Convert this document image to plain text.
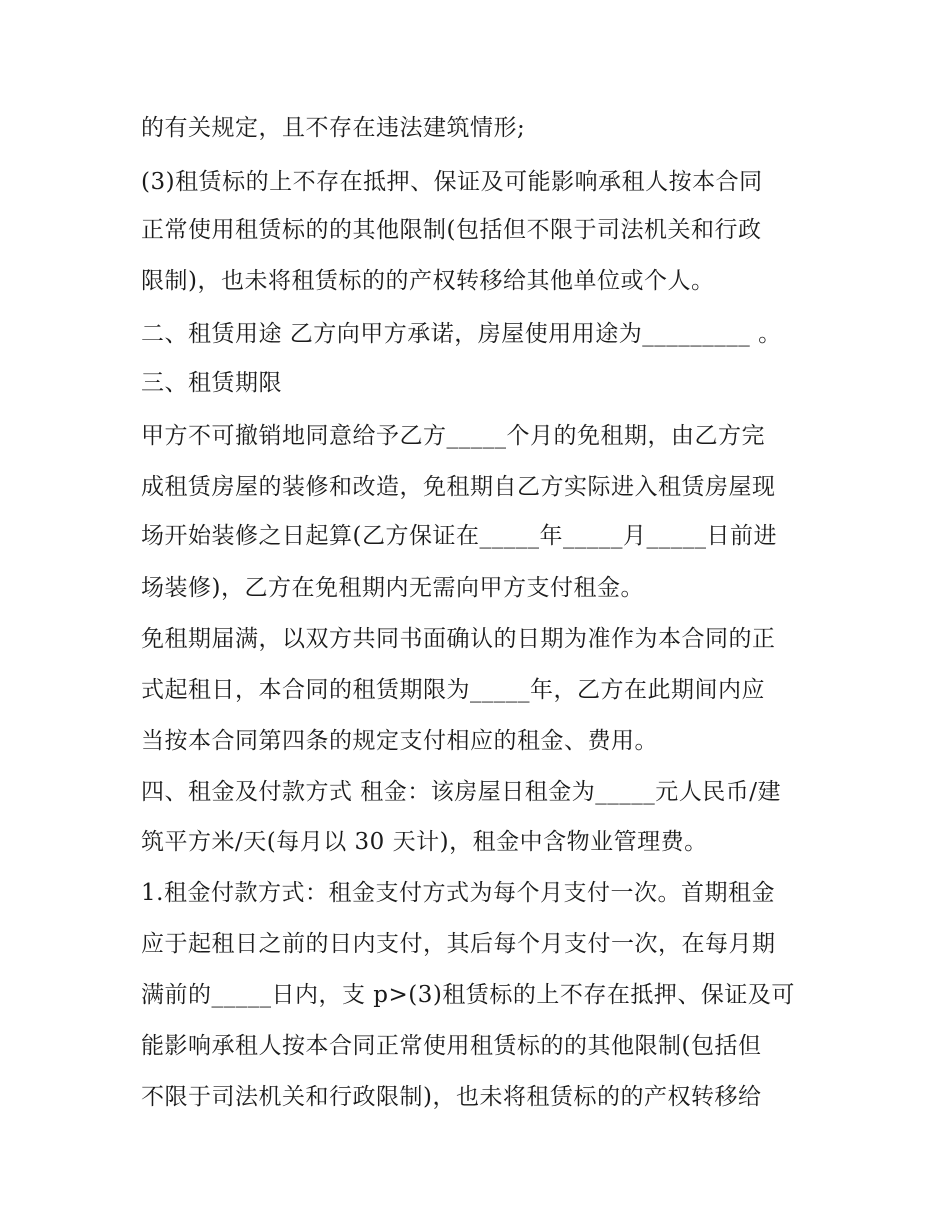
的有关规定，且不存在违法建筑情形;
(3)租赁标的上不存在抵押、保证及可能影响承租人按本合同
正常使用租赁标的的其他限制(包括但不限于司法机关和行政
限制)，也未将租赁标的的产权转移给其他单位或个人。
二、租赁用途 乙方向甲方承诺，房屋使用用途为_________ 。
三、租赁期限
甲方不可撤销地同意给予乙方_____个月的免租期，由乙方完
成租赁房屋的装修和改造，免租期自乙方实际进入租赁房屋现
场开始装修之日起算(乙方保证在_____年_____月_____日前进
场装修)，乙方在免租期内无需向甲方支付租金。
免租期届满，以双方共同书面确认的日期为准作为本合同的正
式起租日，本合同的租赁期限为_____年，乙方在此期间内应
当按本合同第四条的规定支付相应的租金、费用。
四、租金及付款方式 租金：该房屋日租金为_____元人民币/建
筑平方米/天(每月以 30 天计)，租金中含物业管理费。
1.租金付款方式：租金支付方式为每个月支付一次。首期租金
应于起租日之前的日内支付，其后每个月支付一次，在每月期
满前的_____日内，支 p>(3)租赁标的上不存在抵押、保证及可
能影响承租人按本合同正常使用租赁标的的其他限制(包括但
不限于司法机关和行政限制)，也未将租赁标的的产权转移给
